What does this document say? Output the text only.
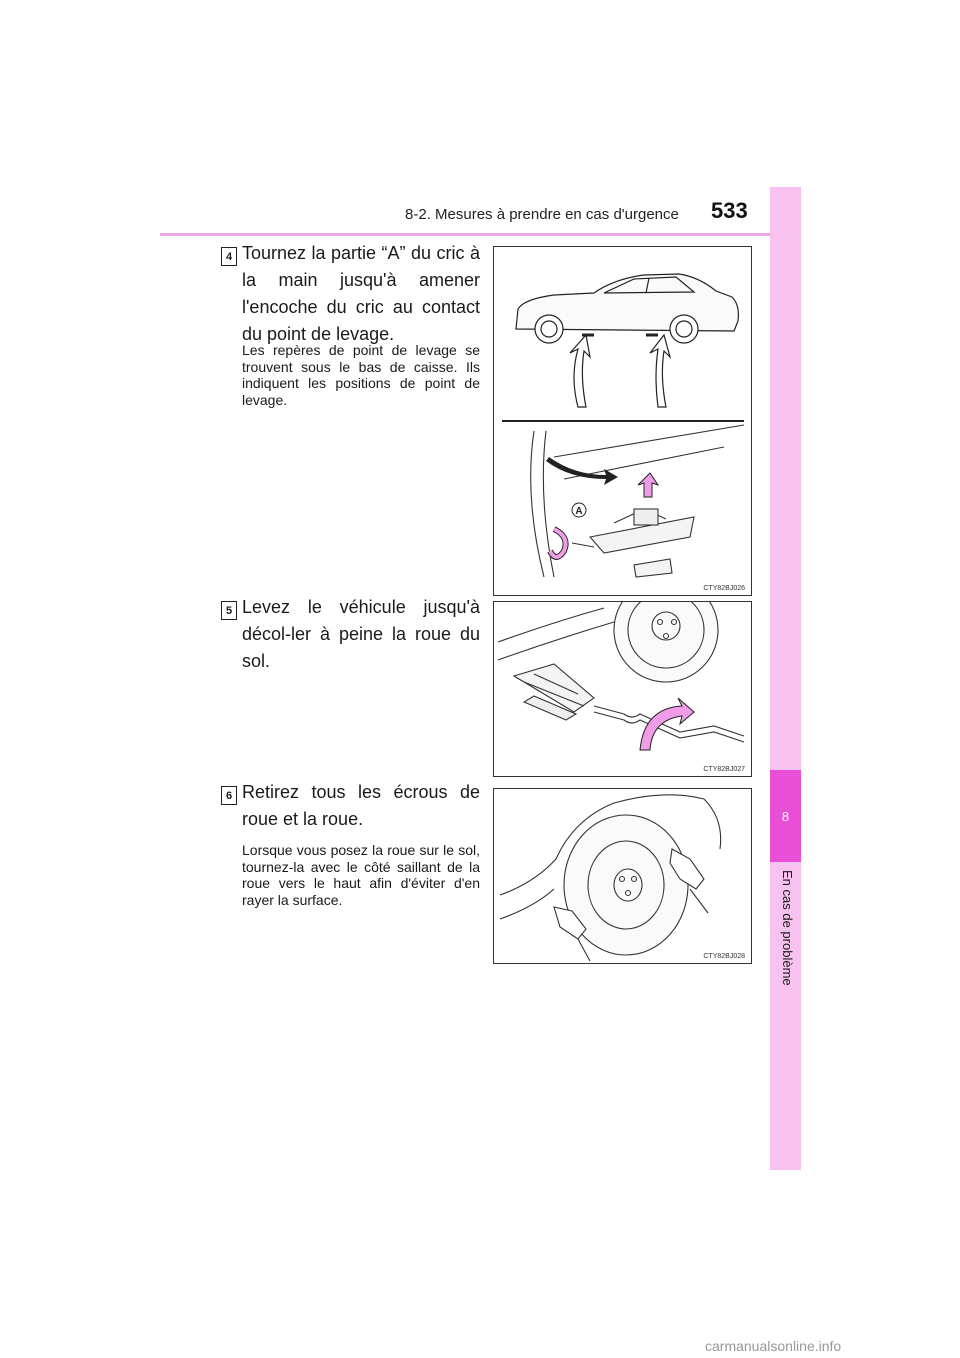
8-2. Mesures à prendre en cas d'urgence 533
8
En cas de problème
4 Tournez la partie “A” du cric à la main jusqu'à amener l'encoche du cric au contact du point de levage.
Les repères de point de levage se trouvent sous le bas de caisse. Ils indiquent les positions de point de levage.
A
CTY82BJ026
5 Levez le véhicule jusqu'à décol-ler à peine la roue du sol.
CTY82BJ027
6 Retirez tous les écrous de roue et la roue.
Lorsque vous posez la roue sur le sol, tournez-la avec le côté saillant de la roue vers le haut afin d'éviter d'en rayer la surface.
CTY82BJ028
carmanualsonline.info
